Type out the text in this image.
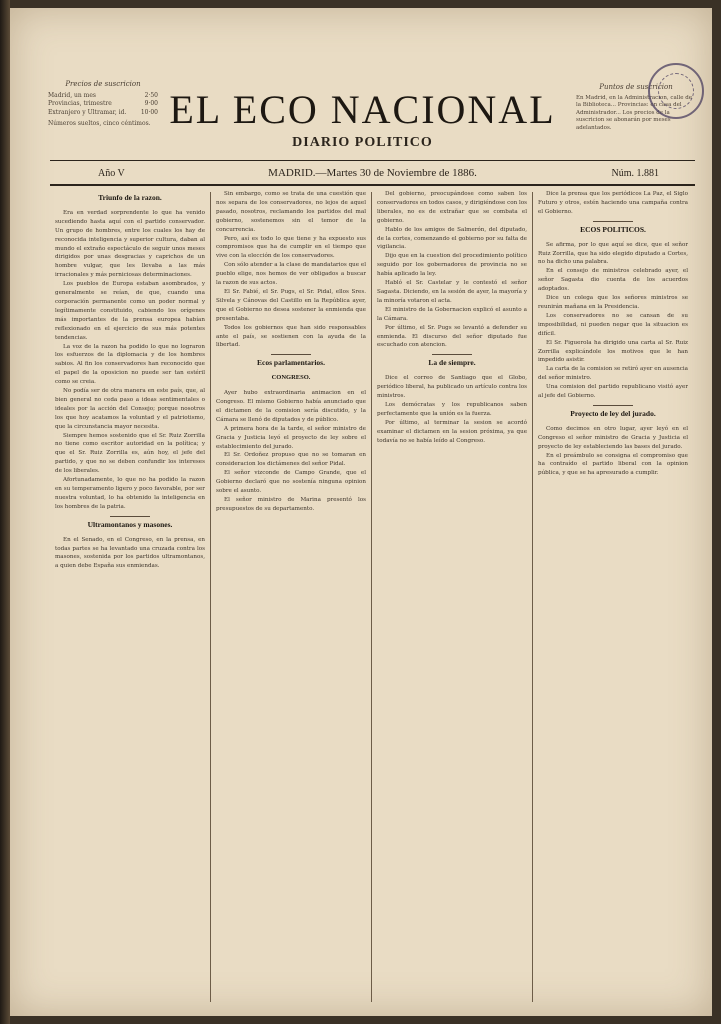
Precios de suscricion
Madrid, un mes	2·50
Provincias, trimestre	9·00
Extranjero y Ultramar, id. 10·00
Números sueltos, cinco céntimos. EL ECO NACIONAL
DIARIO POLITICO
Puntos de suscricion
En Madrid, en la Administracion, calle de la Biblioteca... Provincias: en casa del Administrador... Los precios de la suscricion se abonarán por meses adelantados.
Año V	MADRID.—Martes 30 de Noviembre de 1886.	Núm. 1.881
Triunfo de la razon.

Era en verdad sorprendente lo que ha venido sucediendo hasta aquí con el partido conservador. Un grupo de hombres, entre los cuales los hay de reconocida inteligencia y superior cultura, daban al mundo el extraño espectáculo de seguir unos meses dirigidos por unas desgracias y caprichos de un hombre vulgar, que les llevaba a las más irracionales y más perniciosas determinaciones.

Los pueblos de Europa estaban asombrados, y generalmente se reían, de que, cuando una corporación permanente como un poder normal y legítimamente constituido, cabiendo los orígenes más importantes de la prensa europea habían reflexionado en el ejercicio de sus más potentes tendencias.

La voz de la razon ha podido lo que no lograron los esfuerzos de la diplomacia y de los hombres sabios. Al fin los conservadores han reconocido que el papel de la oposicion no puede ser tan estéril como se creia.

No podía ser de otra manera en este país, que, al bien general no ceda paso a ideas sentimentales o ideales por la acción del Consejo; porque nosotros los que hoy acatamos la voluntad y el patriotismo, que la circunstancia mayor necesita.

Siempre hemos sostenido que el Sr. Ruiz Zorrilla no tiene como escritor autoridad en la política; y que el Sr. Ruiz Zorrilla es, aún hoy, el jefe del partido, y que no se deben confundir los intereses de los liberales.

Afortunadamente, lo que no ha podido la razon en su temperamento ligero y poco favorable, por ser nuestra voluntad, lo ha obtenido la inteligencia en los hombres de la patria.

Ultramontanos y masones.

En el Senado, en el Congreso, en la prensa, en todas partes se ha levantado una cruzada contra los masones, sostenida por los partidos ultramontanos, a quien debe España sus enmiendas.

Sin embargo, como se trata de una cuestión que nos separa de los conservadores, no lejos de aquel pasado, nosotros, reclamando los partidos del mal gobierno, sostenemos sin el temor de la concurrencia.

Pero, así es todo lo que tiene y ha expuesto sus compromisos que ha de cumplir en el tiempo que vive con la elección de los conservadores.

Con sólo atender a la clase de mandatarios que el pueblo elige, nos hemos de ver obligados a buscar la razon de sus actos.

El Sr. Fabié, el Sr. Pugs, el Sr. Pidal, ellos Sres. Silvela y Cánovas del Castillo en la República ayer, que el Gobierno no desea sostener la enmienda que presentaba.

Todos los gobiernos que han sido responsables ante el país, se sostienen con la ayuda de la libertad.

Ecos parlamentarios.
CONGRESO.

Ayer hubo extraordinaria animacion en el Congreso. El mismo Gobierno había anunciado que el dictamen de la comision sería discutido, y la Cámara se llenó de diputados y de público.

A primera hora de la tarde, el señor ministro de Gracia y Justicia leyó el proyecto de ley sobre el establecimiento del jurado.

El Sr. Ordoñez propuso que no se tomaran en consideracion los dictámenes del señor Pidal.

El señor vizconde de Campo Grande, que el Gobierno declaró que no sostenía ninguna opinion sobre el asunto.

El señor ministro de Marina presentó los presupuestos de su departamento.

Del gobierno, preocupándose como saben los conservadores en todos casos, y dirigiéndose con los liberales, no es de extrañar que se combata el gobierno.

Hablo de los amigos de Salmerón, del diputado, de la cortes, comenzando el gobierno por su falta de vigilancia.

Dijo que en la cuestion del procedimiento político seguido por los gobernadores de provincia no se había aplicado la ley.

Habló el Sr. Castelar y le contestó el señor Sagasta. Diciendo, en la sesión de ayer, la mayoría y la minoría votaron el acta.

El ministro de la Gobernacion explicó el asunto a la Cámara.

Por último, el Sr. Pugs se levantó a defender su enmienda. El discurso del señor diputado fue escuchado con atencion.

La de siempre.

Dice el correo de Santiago que el Globo, periódico liberal, ha publicado un artículo contra los ministros.

Los demócratas y los republicanos saben perfectamente que la unión es la fuerza.

Por último, al terminar la sesion se acordó examinar el dictamen en la sesion próxima, ya que todavía no se había leído al Congreso.

Dice la prensa que los periódicos La Paz, el Siglo Futuro y otros, estén haciendo una campaña contra el Gobierno.

ECOS POLITICOS.

Se afirma, por lo que aquí se dice, que el señor Ruiz Zorrilla, que ha sido elegido diputado a Cortes, no ha dicho una palabra.

En el consejo de ministros celebrado ayer, el señor Sagasta dio cuenta de los acuerdos adoptados.

Dice un colega que los señores ministros se reunirán mañana en la Presidencia.

Los conservadores no se cansan de su imposibilidad, ni pueden negar que la situacion es difícil.

El Sr. Figuerola ha dirigido una carta al Sr. Ruiz Zorrilla explicándole los motivos que le han impedido asistir.

La carta de la comision se retiró ayer en ausencia del señor ministro.

Una comision del partido republicano visitó ayer al jefe del Gobierno.

Proyecto de ley del jurado.

Como decimos en otro lugar, ayer leyó en el Congreso el señor ministro de Gracia y Justicia el proyecto de ley estableciendo las bases del jurado.

En el preámbulo se consigna el compromiso que ha contraído el partido liberal con la opinion pública, y que se ha apresurado a cumplir.
